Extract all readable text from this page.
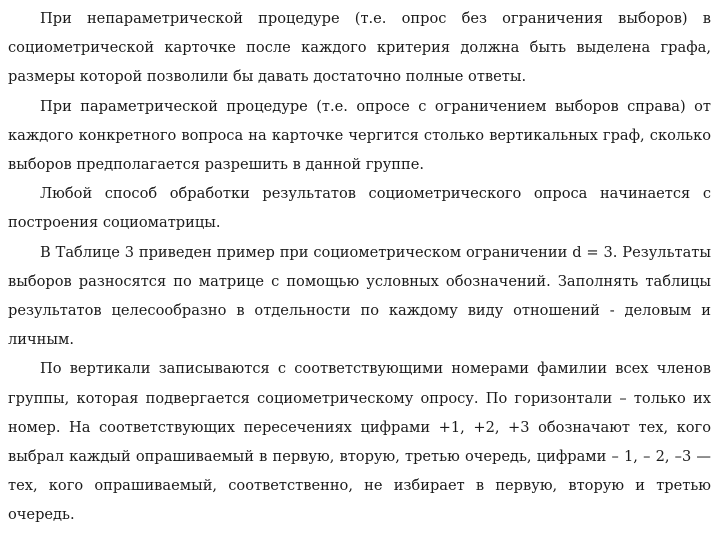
При непараметрической процедуре (т.е. опрос без ограничения выборов) в социометрической карточке после каждого критерия должна быть выделена графа, размеры которой позволили бы давать достаточно полные ответы.

При параметрической процедуре (т.е. опросе с ограничением выборов справа) от каждого конкретного вопроса на карточке чергится столько вертикальных граф, сколько выборов предполагается разрешить в данной группе.

Любой способ обработки результатов социометрического опроса начинается с построения социоматрицы.

В Таблице 3 приведен пример при социометрическом ограничении d = 3. Результаты выборов разносятся по матрице с помощью условных обозначений. Заполнять таблицы результатов целесообразно в отдельности по каждому виду отношений - деловым и личным.

По вертикали записываются с соответствующими номерами фамилии всех членов группы, которая подвергается социометрическому опросу. По горизонтали – только их номер. На соответствующих пересечениях цифрами +1, +2, +3 обозначают тех, кого выбрал каждый опрашиваемый в первую, вторую, третью очередь, цифрами – 1, – 2, –3 — тех, кого опрашиваемый, соответственно, не избирает в первую, вторую и третью очередь.
